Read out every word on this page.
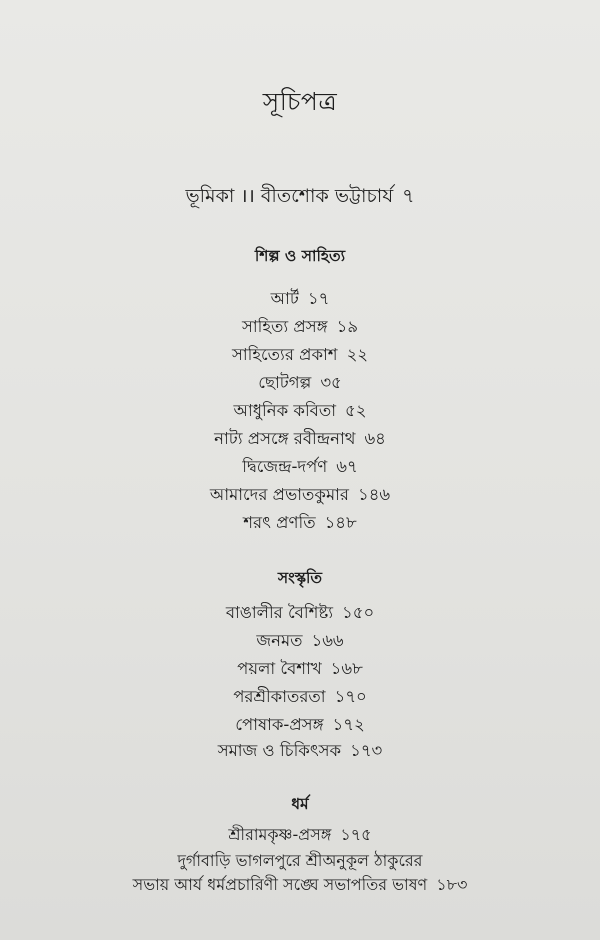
সূচিপত্র
ভূমিকা ।। বীতশোক ভট্টাচার্য ৭
শিল্প ও সাহিত্য
আর্ট ১৭
সাহিত্য প্রসঙ্গ ১৯
সাহিত্যের প্রকাশ ২২
ছোটগল্প ৩৫
আধুনিক কবিতা ৫২
নাট্য প্রসঙ্গে রবীন্দ্রনাথ ৬৪
দ্বিজেন্দ্র-দর্পণ ৬৭
আমাদের প্রভাতকুমার ১৪৬
শরৎ প্রণতি ১৪৮
সংস্কৃতি
বাঙালীর বৈশিষ্ট্য ১৫০
জনমত ১৬৬
পয়লা বৈশাখ ১৬৮
পরশ্রীকাতরতা ১৭০
পোষাক-প্রসঙ্গ ১৭২
সমাজ ও চিকিৎসক ১৭৩
ধর্ম
শ্রীরামকৃষ্ণ-প্রসঙ্গ ১৭৫
দুর্গাবাড়ি ভাগলপুরে শ্রীঅনুকূল ঠাকুরের
সভায় আর্য ধর্মপ্রচারিণী সঙ্ঘে সভাপতির ভাষণ ১৮৩
